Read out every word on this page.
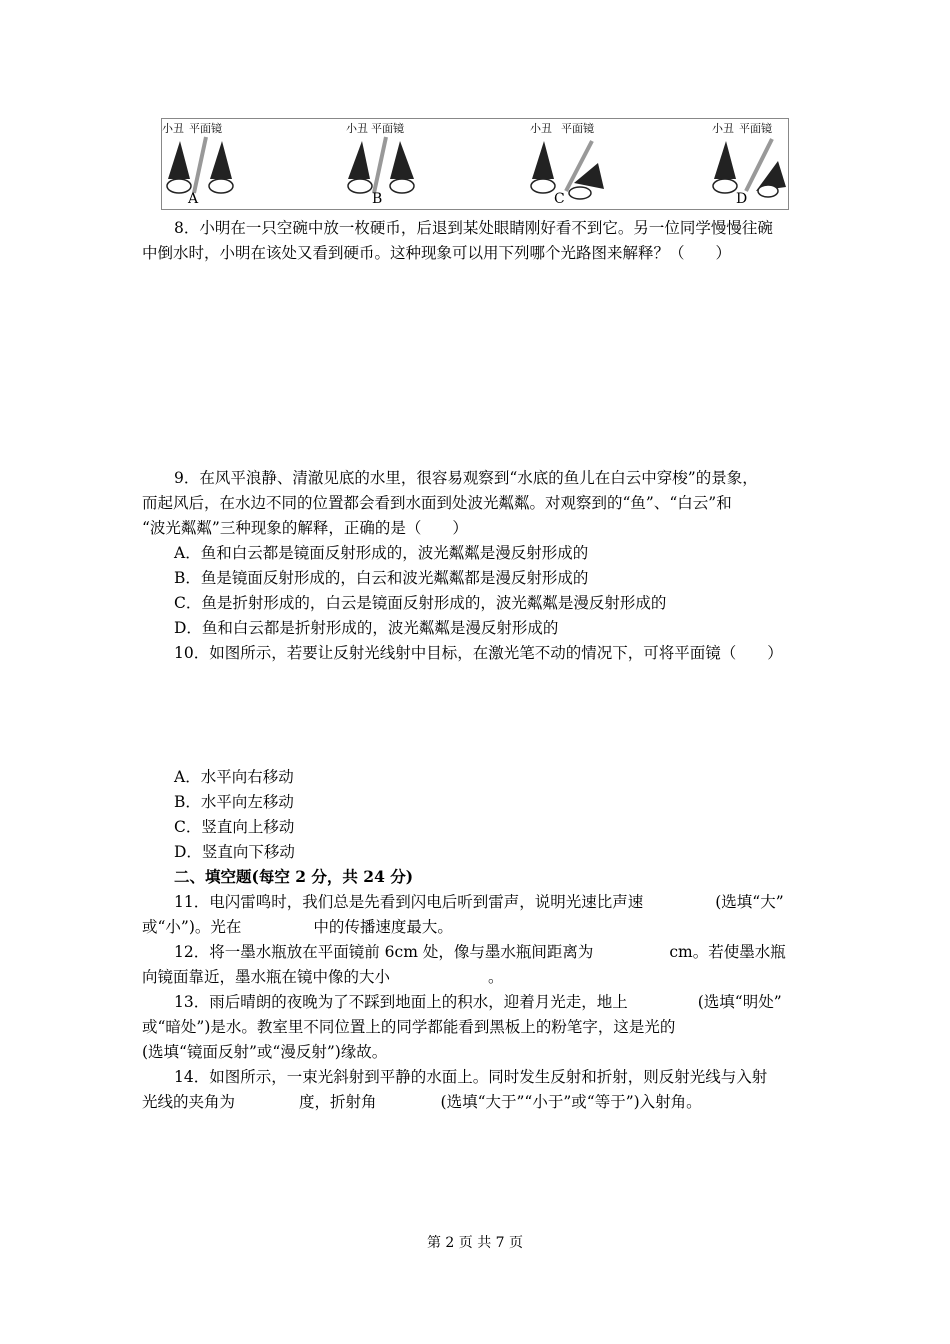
小丑 平面镜
A
小丑 平面镜
B
小丑 平面镜
C
小丑 平面镜
D
8．小明在一只空碗中放一枚硬币，后退到某处眼睛刚好看不到它。另一位同学慢慢往碗
中倒水时，小明在该处又看到硬币。这种现象可以用下列哪个光路图来解释？（　　）
9．在风平浪静、清澈见底的水里，很容易观察到“水底的鱼儿在白云中穿梭”的景象，
而起风后，在水边不同的位置都会看到水面到处波光粼粼。对观察到的“鱼”、“白云”和
“波光粼粼”三种现象的解释，正确的是（　　）
A．鱼和白云都是镜面反射形成的，波光粼粼是漫反射形成的
B．鱼是镜面反射形成的，白云和波光粼粼都是漫反射形成的
C．鱼是折射形成的，白云是镜面反射形成的，波光粼粼是漫反射形成的
D．鱼和白云都是折射形成的，波光粼粼是漫反射形成的
10．如图所示，若要让反射光线射中目标，在激光笔不动的情况下，可将平面镜（　　）
A．水平向右移动
B．水平向左移动
C．竖直向上移动
D．竖直向下移动
二、填空题(每空 2 分，共 24 分)
11．电闪雷鸣时，我们总是先看到闪电后听到雷声，说明光速比声速	(选填“大”
或“小”)。光在	中的传播速度最大。
12．将一墨水瓶放在平面镜前 6cm 处，像与墨水瓶间距离为	cm。若使墨水瓶
向镜面靠近，墨水瓶在镜中像的大小	。
13．雨后晴朗的夜晚为了不踩到地面上的积水，迎着月光走，地上	(选填“明处”
或“暗处”)是水。教室里不同位置上的同学都能看到黑板上的粉笔字，这是光的
(选填“镜面反射”或“漫反射”)缘故。
14．如图所示，一束光斜射到平静的水面上。同时发生反射和折射，则反射光线与入射
光线的夹角为	度，折射角	(选填“大于”“小于”或“等于”)入射角。
第 2 页 共 7 页
